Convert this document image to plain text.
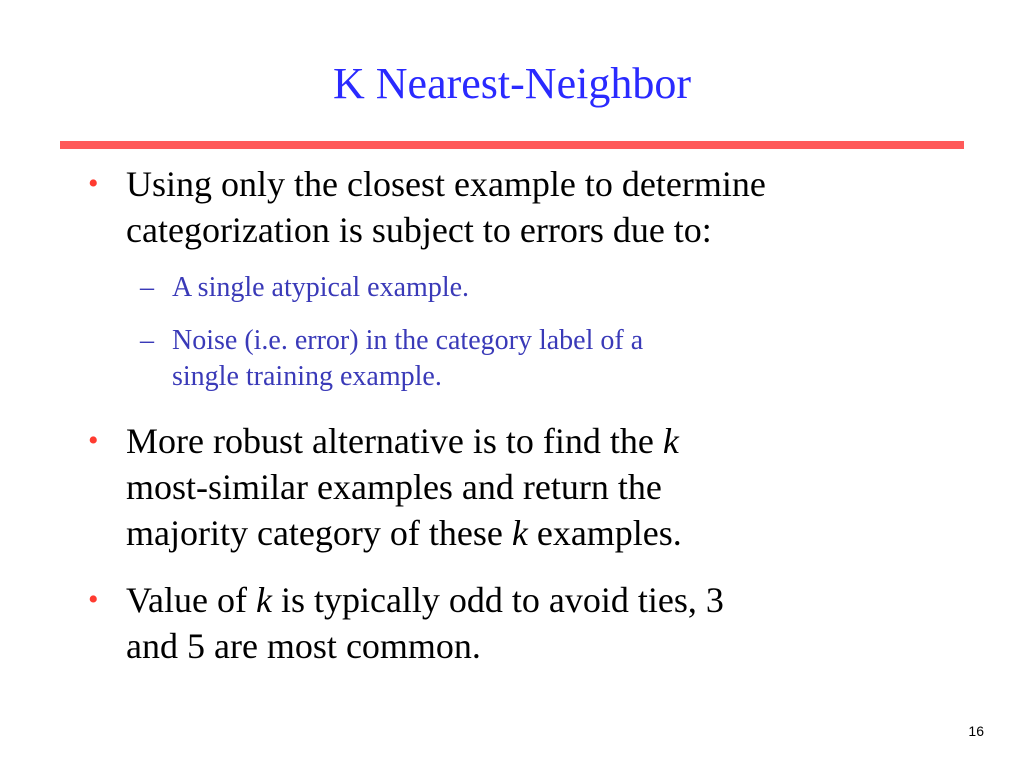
K Nearest-Neighbor
• Using only the closest example to determine
categorization is subject to errors due to:
– A single atypical example.
– Noise (i.e. error) in the category label of a
single training example.
• More robust alternative is to find the k
most-similar examples and return the
majority category of these k examples.
• Value of k is typically odd to avoid ties, 3
and 5 are most common.
16
